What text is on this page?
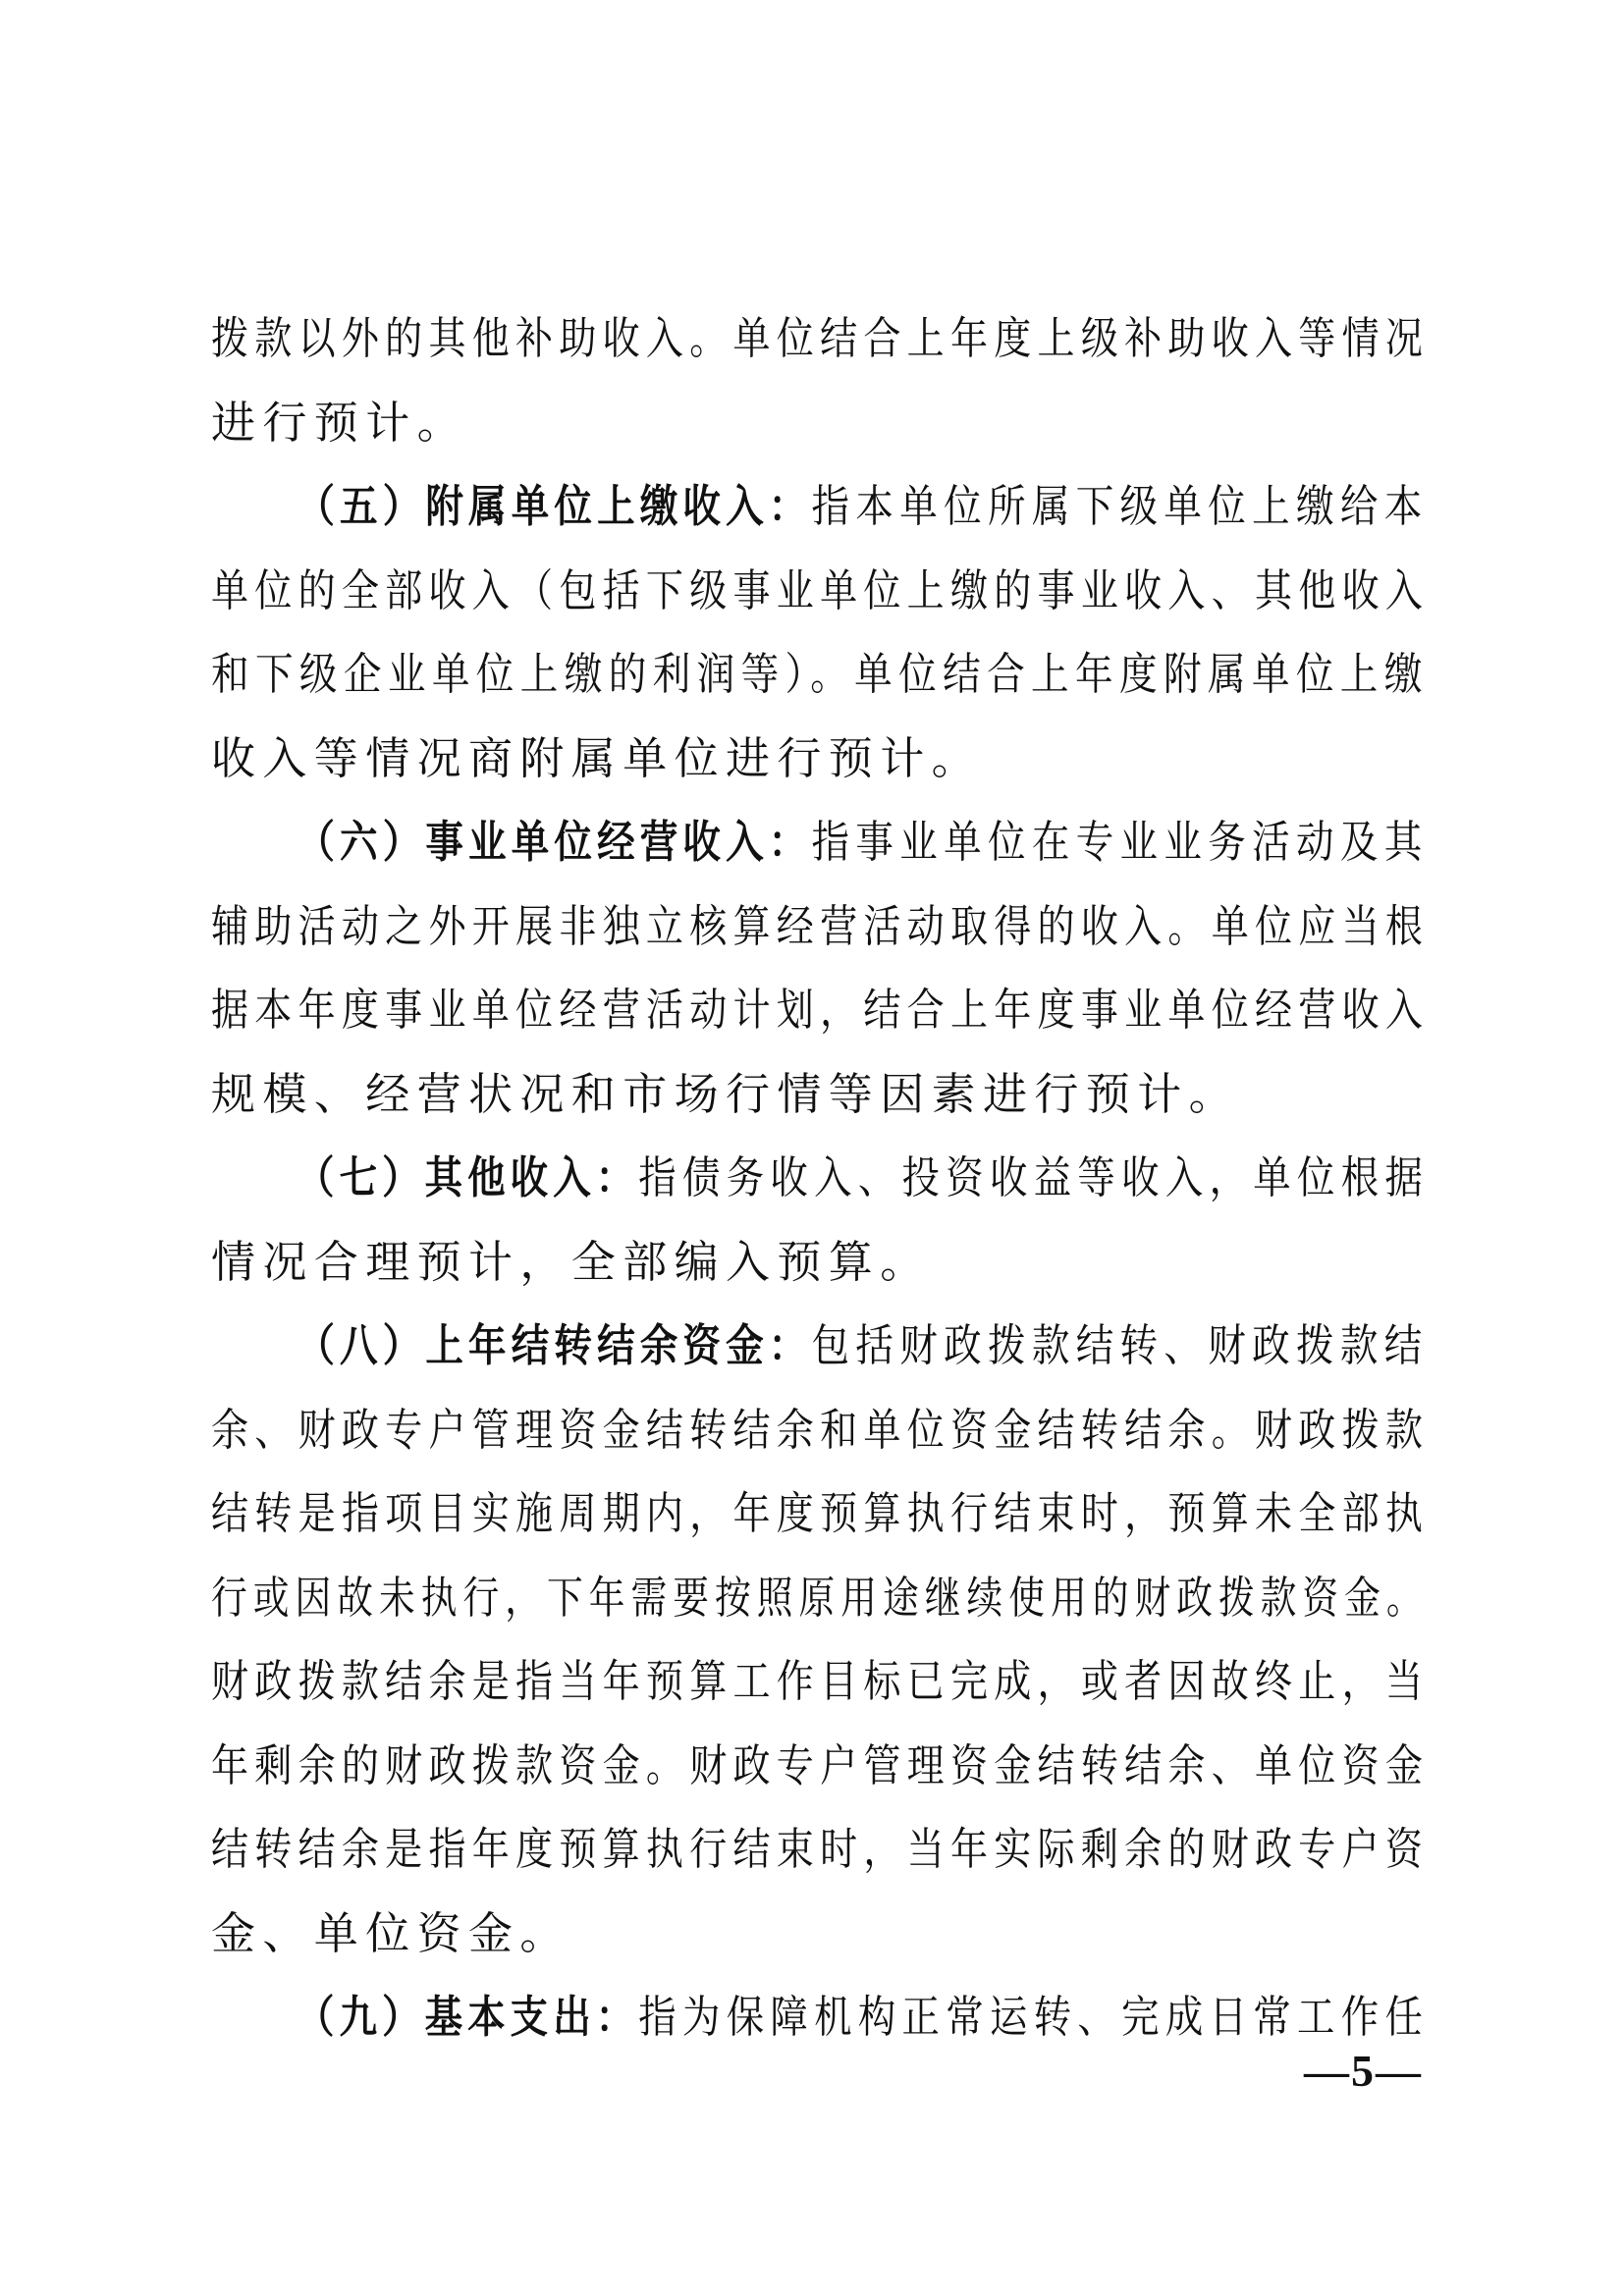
拨款以外的其他补助收入。单位结合上年度上级补助收入等情况
进行预计。
（五）附属单位上缴收入：指本单位所属下级单位上缴给本
单位的全部收入（包括下级事业单位上缴的事业收入、其他收入
和下级企业单位上缴的利润等）。单位结合上年度附属单位上缴
收入等情况商附属单位进行预计。
（六）事业单位经营收入：指事业单位在专业业务活动及其
辅助活动之外开展非独立核算经营活动取得的收入。单位应当根
据本年度事业单位经营活动计划，结合上年度事业单位经营收入
规模、经营状况和市场行情等因素进行预计。
（七）其他收入：指债务收入、投资收益等收入，单位根据
情况合理预计，全部编入预算。
（八）上年结转结余资金：包括财政拨款结转、财政拨款结
余、财政专户管理资金结转结余和单位资金结转结余。财政拨款
结转是指项目实施周期内，年度预算执行结束时，预算未全部执
行或因故未执行，下年需要按照原用途继续使用的财政拨款资金。
财政拨款结余是指当年预算工作目标已完成，或者因故终止，当
年剩余的财政拨款资金。财政专户管理资金结转结余、单位资金
结转结余是指年度预算执行结束时，当年实际剩余的财政专户资
金、单位资金。
（九）基本支出：指为保障机构正常运转、完成日常工作任
—5—
